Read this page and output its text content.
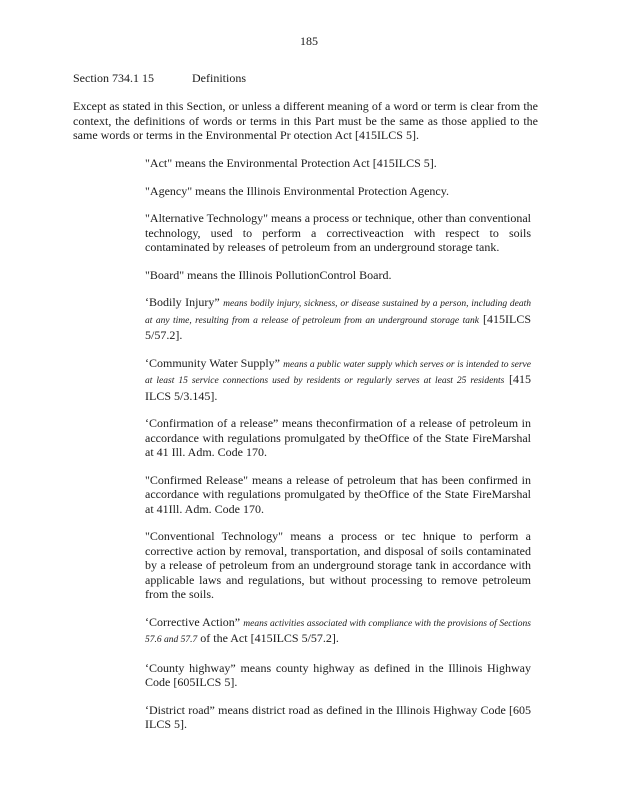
185
Section 734.1 15	Definitions

Except as stated in this Section, or unless a different meaning of a word or term is clear from the context, the definitions of words or terms in this Part must be the same as those applied to the same words or terms in the Environmental Pr otection Act [415ILCS 5].

"Act" means the Environmental Protection Act [415ILCS 5].

"Agency" means the Illinois Environmental Protection Agency.

"Alternative Technology" means a process or technique, other than conventional technology, used to perform a correctiveaction with respect to soils contaminated by releases of petroleum from an underground storage tank.

"Board" means the Illinois PollutionControl Board.

‘Bodily Injury” means bodily injury, sickness, or disease sustained by a person, including death at any time, resulting from a release of petroleum from an underground storage tank [415ILCS 5/57.2].

‘Community Water Supply” means a public water supply which serves or is intended to serve at least 15 service connections used by residents or regularly serves at least 25 residents [415 ILCS 5/3.145].

‘Confirmation of a release” means theconfirmation of a release of petroleum in accordance with regulations promulgated by theOffice of the State FireMarshal at 41 Ill. Adm. Code 170.

"Confirmed Release" means a release of petroleum that has been confirmed in accordance with regulations promulgated by theOffice of the State FireMarshal at 41Ill. Adm. Code 170.

"Conventional Technology" means a process or tec hnique to perform a corrective action by removal, transportation, and disposal of soils contaminated by a release of petroleum from an underground storage tank in accordance with applicable laws and regulations, but without processing to remove petroleum from the soils.

‘Corrective Action” means activities associated with compliance with the provisions of Sections 57.6 and 57.7 of the Act [415ILCS 5/57.2].

‘County highway” means county highway as defined in the Illinois Highway Code [605ILCS 5].

‘District road” means district road as defined in the Illinois Highway Code [605 ILCS 5].
